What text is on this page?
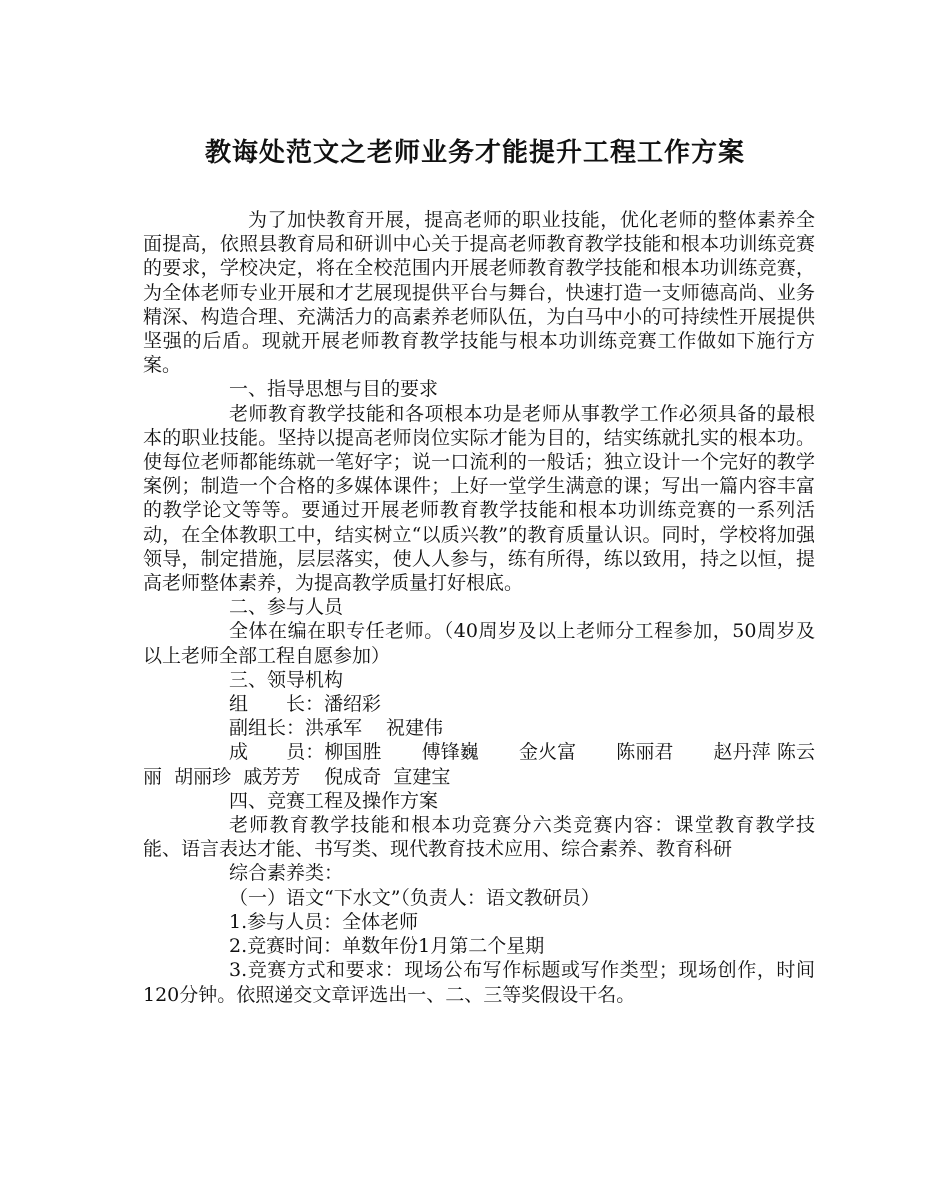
教诲处范文之老师业务才能提升工程工作方案

为了加快教育开展，提高老师的职业技能，优化老师的整体素养全面提高，依照县教育局和研训中心关于提高老师教育教学技能和根本功训练竞赛的要求，学校决定，将在全校范围内开展老师教育教学技能和根本功训练竞赛，为全体老师专业开展和才艺展现提供平台与舞台，快速打造一支师德高尚、业务精深、构造合理、充满活力的高素养老师队伍，为白马中小的可持续性开展提供坚强的后盾。现就开展老师教育教学技能与根本功训练竞赛工作做如下施行方案。

一、指导思想与目的要求

老师教育教学技能和各项根本功是老师从事教学工作必须具备的最根本的职业技能。坚持以提高老师岗位实际才能为目的，结实练就扎实的根本功。使每位老师都能练就一笔好字；说一口流利的一般话；独立设计一个完好的教学案例；制造一个合格的多媒体课件；上好一堂学生满意的课；写出一篇内容丰富的教学论文等等。要通过开展老师教育教学技能和根本功训练竞赛的一系列活动，在全体教职工中，结实树立“以质兴教”的教育质量认识。同时，学校将加强领导，制定措施，层层落实，使人人参与，练有所得，练以致用，持之以恒，提高老师整体素养，为提高教学质量打好根底。

二、参与人员

全体在编在职专任老师。（40周岁及以上老师分工程参加，50周岁及以上老师全部工程自愿参加）

三、领导机构

组　　长：潘绍彩

副组长：洪承军 祝建伟

成　　员：柳国胜 傅锋巍 金火富 陈丽君 赵丹萍 陈云丽 胡丽珍 戚芳芳 倪成奇 宣建宝

四、竞赛工程及操作方案

老师教育教学技能和根本功竞赛分六类竞赛内容：课堂教育教学技能、语言表达才能、书写类、现代教育技术应用、综合素养、教育科研

综合素养类：

（一）语文“下水文”（负责人：语文教研员）

1.参与人员：全体老师

2.竞赛时间：单数年份1月第二个星期

3.竞赛方式和要求：现场公布写作标题或写作类型；现场创作，时间120分钟。依照递交文章评选出一、二、三等奖假设干名。
